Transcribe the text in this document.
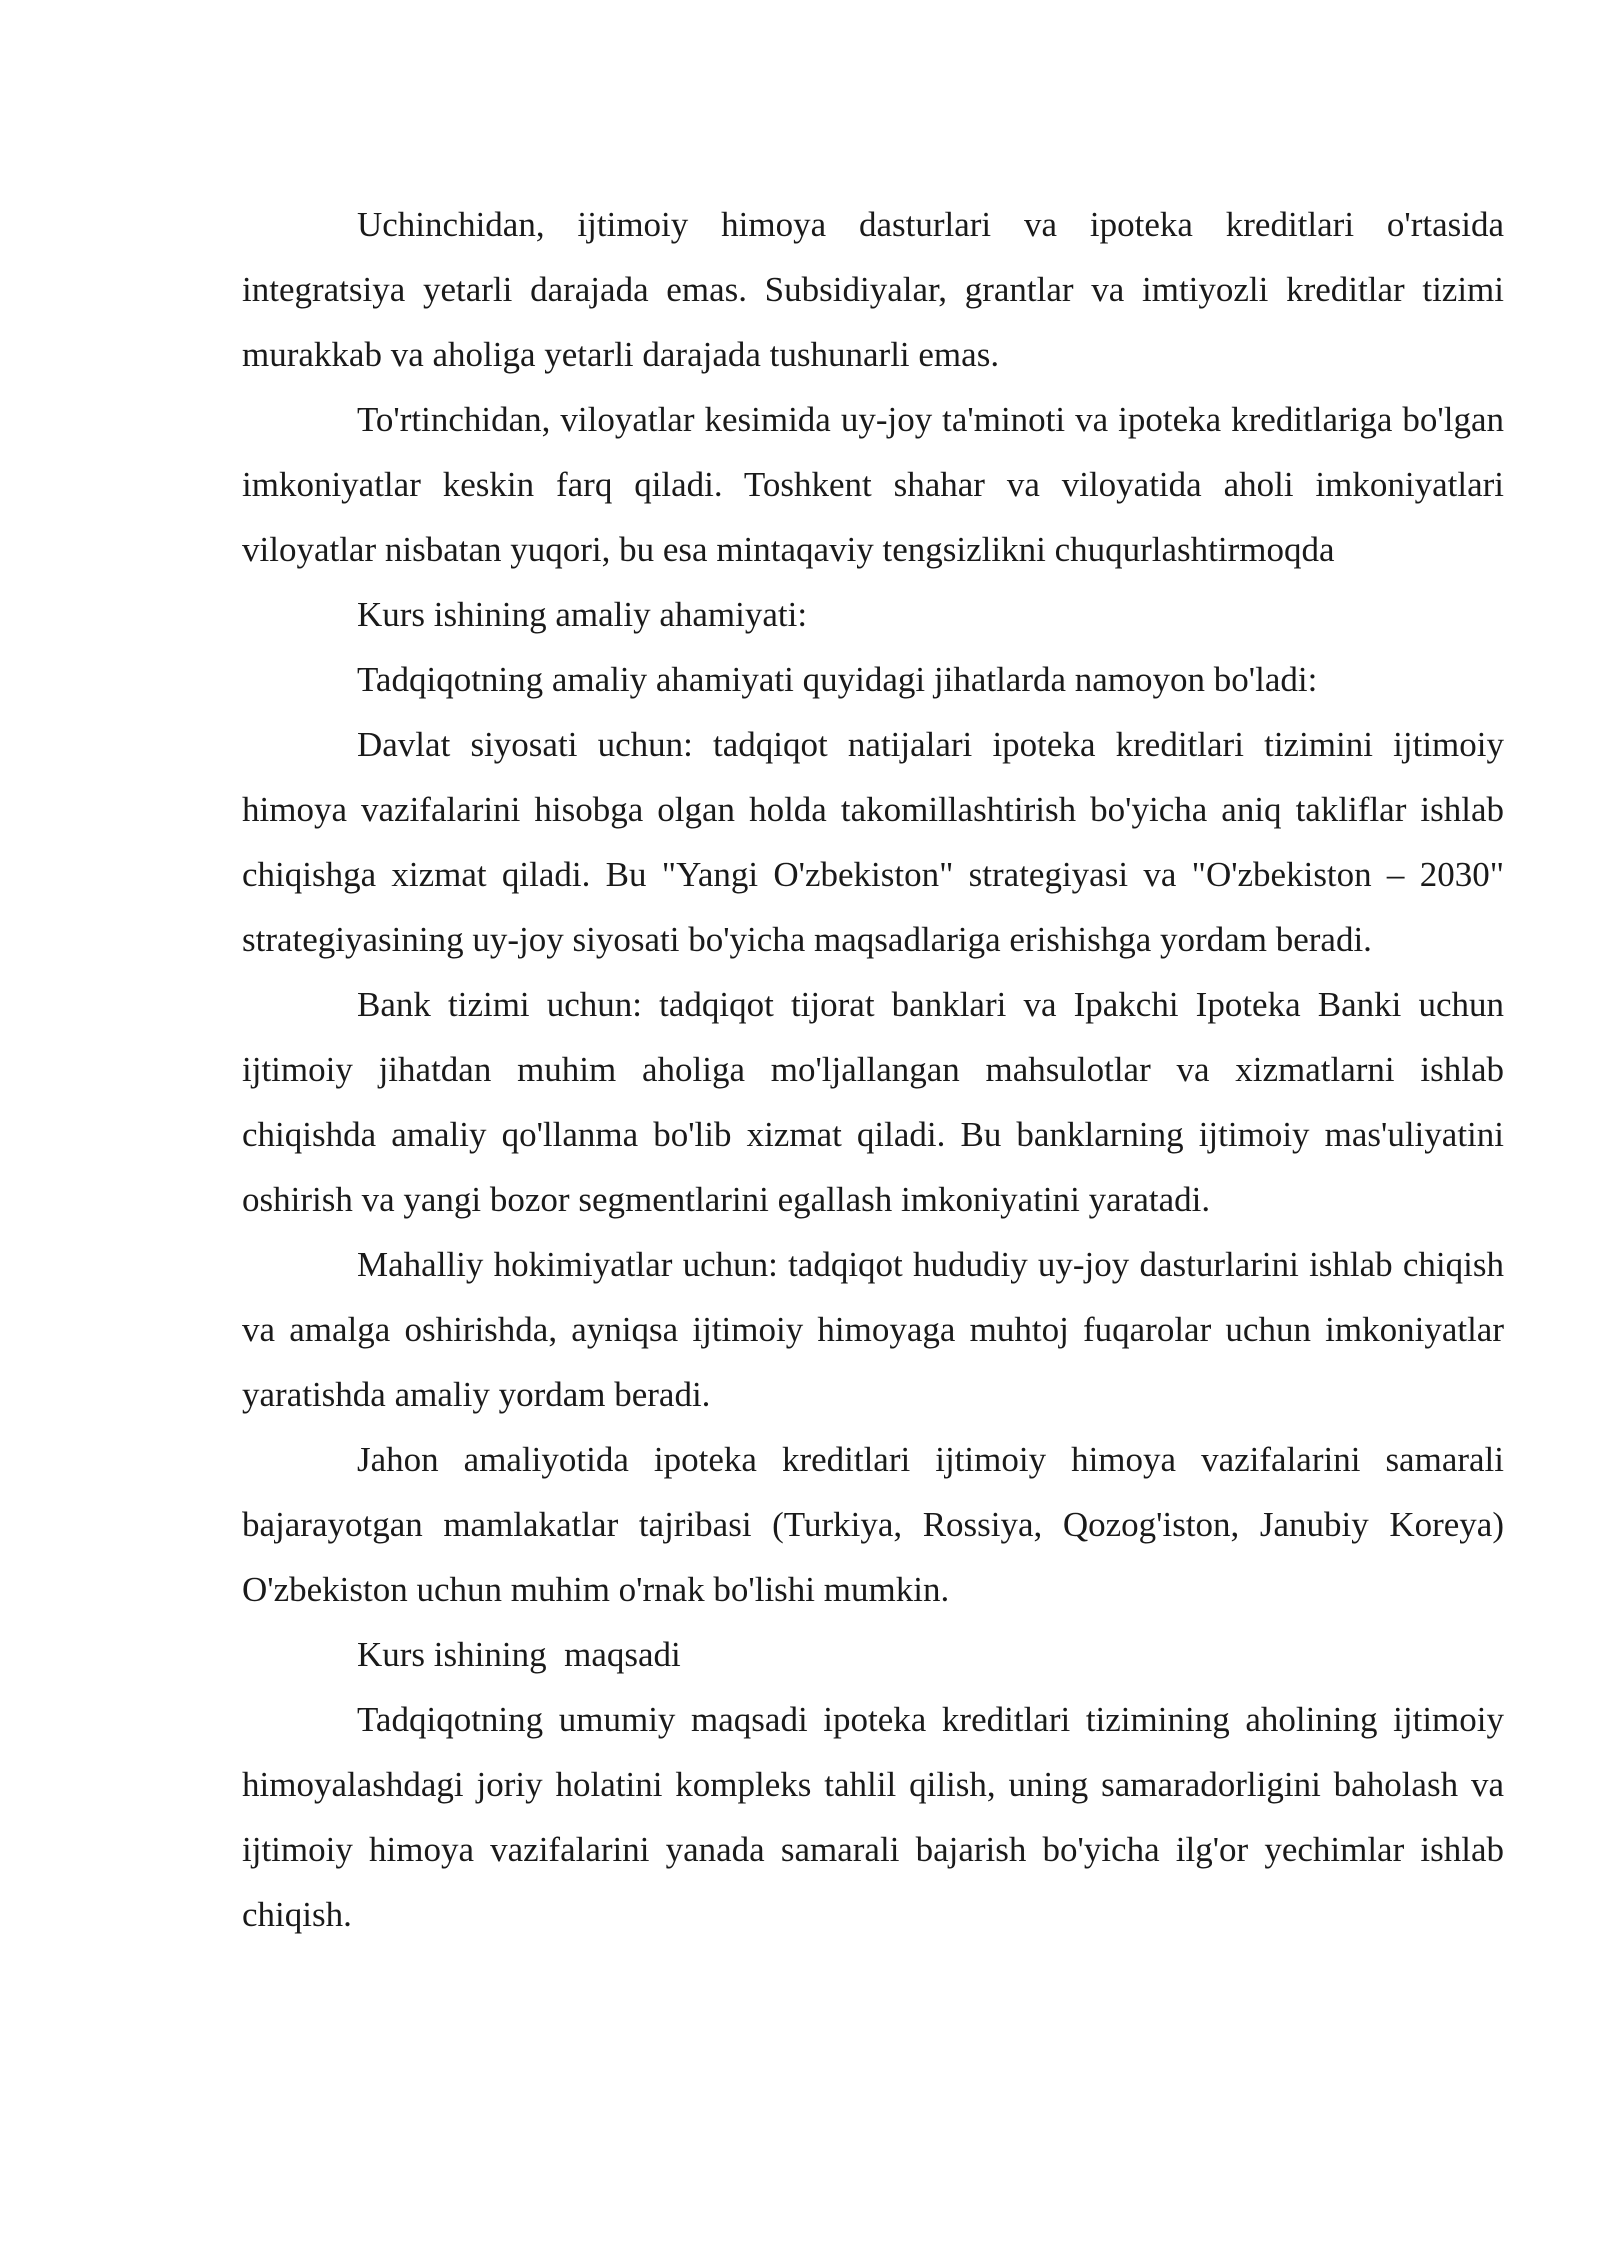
Uchinchidan, ijtimoiy himoya dasturlari va ipoteka kreditlari o'rtasida integratsiya yetarli darajada emas. Subsidiyalar, grantlar va imtiyozli kreditlar tizimi murakkab va aholiga yetarli darajada tushunarli emas.

To'rtinchidan, viloyatlar kesimida uy-joy ta'minoti va ipoteka kreditlariga bo'lgan imkoniyatlar keskin farq qiladi. Toshkent shahar va viloyatida aholi imkoniyatlari viloyatlar nisbatan yuqori, bu esa mintaqaviy tengsizlikni chuqurlashtirmoqda

Kurs ishining amaliy ahamiyati:

Tadqiqotning amaliy ahamiyati quyidagi jihatlarda namoyon bo'ladi:

Davlat siyosati uchun: tadqiqot natijalari ipoteka kreditlari tizimini ijtimoiy himoya vazifalarini hisobga olgan holda takomillashtirish bo'yicha aniq takliflar ishlab chiqishga xizmat qiladi. Bu "Yangi O'zbekiston" strategiyasi va "O'zbekiston – 2030" strategiyasining uy-joy siyosati bo'yicha maqsadlariga erishishga yordam beradi.

Bank tizimi uchun: tadqiqot tijorat banklari va Ipakchi Ipoteka Banki uchun ijtimoiy jihatdan muhim aholiga mo'ljallangan mahsulotlar va xizmatlarni ishlab chiqishda amaliy qo'llanma bo'lib xizmat qiladi. Bu banklarning ijtimoiy mas'uliyatini oshirish va yangi bozor segmentlarini egallash imkoniyatini yaratadi.

Mahalliy hokimiyatlar uchun: tadqiqot hududiy uy-joy dasturlarini ishlab chiqish va amalga oshirishda, ayniqsa ijtimoiy himoyaga muhtoj fuqarolar uchun imkoniyatlar yaratishda amaliy yordam beradi.

Jahon amaliyotida ipoteka kreditlari ijtimoiy himoya vazifalarini samarali bajarayotgan mamlakatlar tajribasi (Turkiya, Rossiya, Qozog'iston, Janubiy Koreya) O'zbekiston uchun muhim o'rnak bo'lishi mumkin.

Kurs ishining  maqsadi

Tadqiqotning umumiy maqsadi ipoteka kreditlari tizimining aholining ijtimoiy himoyalashdagi joriy holatini kompleks tahlil qilish, uning samaradorligini baholash va ijtimoiy himoya vazifalarini yanada samarali bajarish bo'yicha ilg'or yechimlar ishlab chiqish.
